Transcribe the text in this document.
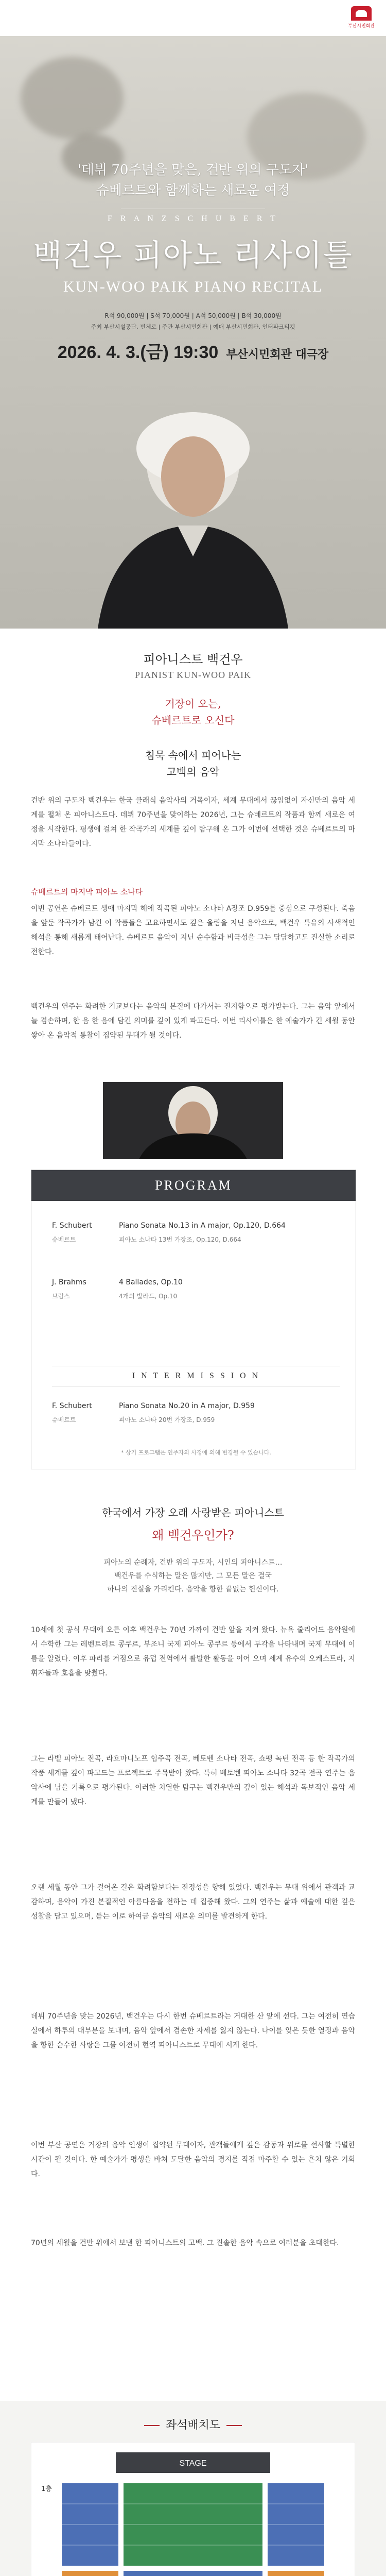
부산시민회관
'데뷔 70주년을 맞은, 건반 위의 구도자'
슈베르트와 함께하는 새로운 여정
F R A N Z S C H U B E R T
백건우 피아노 리사이틀
KUN-WOO PAIK PIANO RECITAL
R석 90,000원 | S석 70,000원 | A석 50,000원 | B석 30,000원
주최 부산시설공단, 빈체로 | 주관 부산시민회관 | 예매 부산시민회관, 인터파크티켓
2026. 4. 3.(금) 19:30 부산시민회관 대극장
피아니스트 백건우
PIANIST KUN-WOO PAIK
거장이 오는,
슈베르트로 오신다
침묵 속에서 피어나는
고백의 음악
건반 위의 구도자 백건우는 한국 클래식 음악사의 거목이자, 세계 무대에서 끊임없이 자신만의 음악 세계를 펼쳐 온 피아니스트다. 데뷔 70주년을 맞이하는 2026년, 그는 슈베르트의 작품과 함께 새로운 여정을 시작한다. 평생에 걸쳐 한 작곡가의 세계를 깊이 탐구해 온 그가 이번에 선택한 것은 슈베르트의 마지막 소나타들이다.
슈베르트의 마지막 피아노 소나타
이번 공연은 슈베르트 생애 마지막 해에 작곡된 피아노 소나타 A장조 D.959를 중심으로 구성된다. 죽음을 앞둔 작곡가가 남긴 이 작품들은 고요하면서도 깊은 울림을 지닌 음악으로, 백건우 특유의 사색적인 해석을 통해 새롭게 태어난다. 슈베르트 음악이 지닌 순수함과 비극성을 그는 담담하고도 진실한 소리로 전한다.
백건우의 연주는 화려한 기교보다는 음악의 본질에 다가서는 진지함으로 평가받는다. 그는 음악 앞에서 늘 겸손하며, 한 음 한 음에 담긴 의미를 깊이 있게 파고든다. 이번 리사이틀은 한 예술가가 긴 세월 동안 쌓아 온 음악적 통찰이 집약된 무대가 될 것이다.
PROGRAM
F. Schubert	Piano Sonata No.13 in A major, Op.120, D.664
슈베르트	피아노 소나타 13번 가장조, Op.120, D.664
J. Brahms	4 Ballades, Op.10
브람스	4개의 발라드, Op.10
I N T E R M I S S I O N
F. Schubert	Piano Sonata No.20 in A major, D.959
슈베르트	피아노 소나타 20번 가장조, D.959
* 상기 프로그램은 연주자의 사정에 의해 변경될 수 있습니다.
한국에서 가장 오래 사랑받은 피아니스트
왜 백건우인가?
피아노의 순례자, 건반 위의 구도자, 시인의 피아니스트…
백건우를 수식하는 말은 많지만, 그 모든 말은 결국
하나의 진실을 가리킨다. 음악을 향한 끝없는 헌신이다.
10세에 첫 공식 무대에 오른 이후 백건우는 70년 가까이 건반 앞을 지켜 왔다. 뉴욕 줄리어드 음악원에서 수학한 그는 레벤트리트 콩쿠르, 부조니 국제 피아노 콩쿠르 등에서 두각을 나타내며 국제 무대에 이름을 알렸다. 이후 파리를 거점으로 유럽 전역에서 활발한 활동을 이어 오며 세계 유수의 오케스트라, 지휘자들과 호흡을 맞췄다.
그는 라벨 피아노 전곡, 라흐마니노프 협주곡 전곡, 베토벤 소나타 전곡, 쇼팽 녹턴 전곡 등 한 작곡가의 작품 세계를 깊이 파고드는 프로젝트로 주목받아 왔다. 특히 베토벤 피아노 소나타 32곡 전곡 연주는 음악사에 남을 기록으로 평가된다. 이러한 치열한 탐구는 백건우만의 깊이 있는 해석과 독보적인 음악 세계를 만들어 냈다.
오랜 세월 동안 그가 걸어온 길은 화려함보다는 진정성을 향해 있었다. 백건우는 무대 위에서 관객과 교감하며, 음악이 가진 본질적인 아름다움을 전하는 데 집중해 왔다. 그의 연주는 삶과 예술에 대한 깊은 성찰을 담고 있으며, 듣는 이로 하여금 음악의 새로운 의미를 발견하게 한다.
데뷔 70주년을 맞는 2026년, 백건우는 다시 한번 슈베르트라는 거대한 산 앞에 선다. 그는 여전히 연습실에서 하루의 대부분을 보내며, 음악 앞에서 겸손한 자세를 잃지 않는다. 나이를 잊은 듯한 열정과 음악을 향한 순수한 사랑은 그를 여전히 현역 피아니스트로 무대에 서게 한다.
이번 부산 공연은 거장의 음악 인생이 집약된 무대이자, 관객들에게 깊은 감동과 위로를 선사할 특별한 시간이 될 것이다. 한 예술가가 평생을 바쳐 도달한 음악의 경지를 직접 마주할 수 있는 흔치 않은 기회다.
70년의 세월을 건반 위에서 보낸 한 피아니스트의 고백. 그 진솔한 음악 속으로 여러분을 초대한다.
좌석배치도
STAGE
1층
